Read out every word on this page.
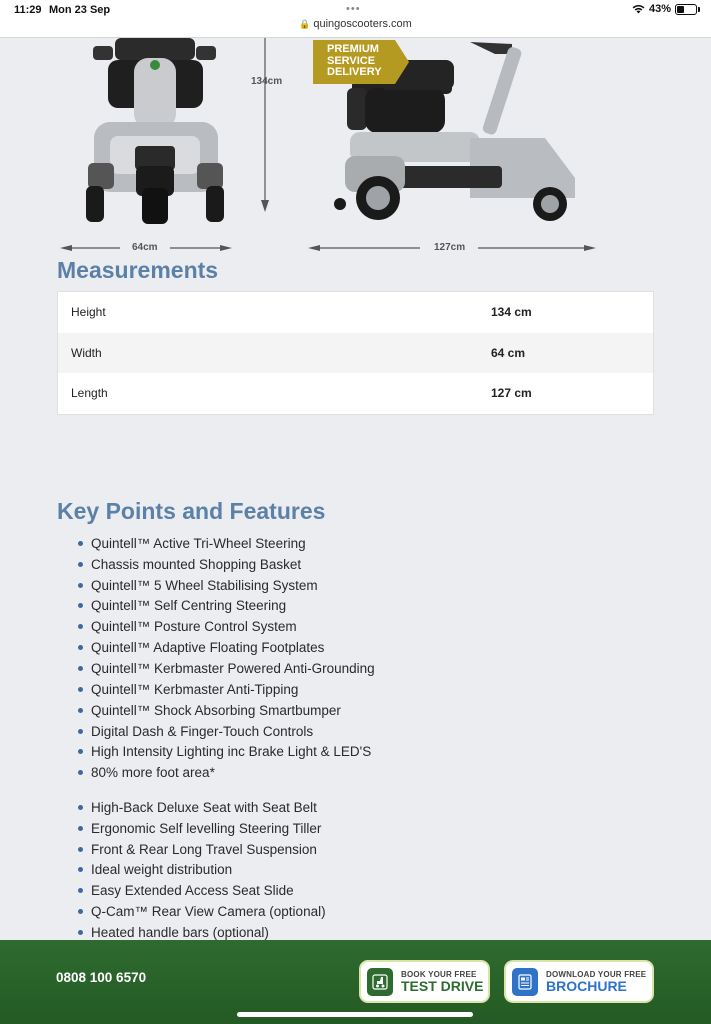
11:29 Mon 23 Sep	•••
🔒 quingoscooters.com
43%
134cm
64cm	127cm
PREMIUM
SERVICE
DELIVERY
Measurements
Height	134 cm
Width	64 cm
Length	127 cm
Key Points and Features
Quintell™ Active Tri-Wheel Steering
Chassis mounted Shopping Basket
Quintell™ 5 Wheel Stabilising System
Quintell™ Self Centring Steering
Quintell™ Posture Control System
Quintell™ Adaptive Floating Footplates
Quintell™ Kerbmaster Powered Anti-Grounding
Quintell™ Kerbmaster Anti-Tipping
Quintell™ Shock Absorbing Smartbumper
Digital Dash & Finger-Touch Controls
High Intensity Lighting inc Brake Light & LED'S
80% more foot area*
High-Back Deluxe Seat with Seat Belt
Ergonomic Self levelling Steering Tiller
Front & Rear Long Travel Suspension
Ideal weight distribution
Easy Extended Access Seat Slide
Q-Cam™ Rear View Camera (optional)
Heated handle bars (optional)
0808 100 6570	BOOK YOUR FREE
TEST DRIVE
DOWNLOAD YOUR FREE
BROCHURE
